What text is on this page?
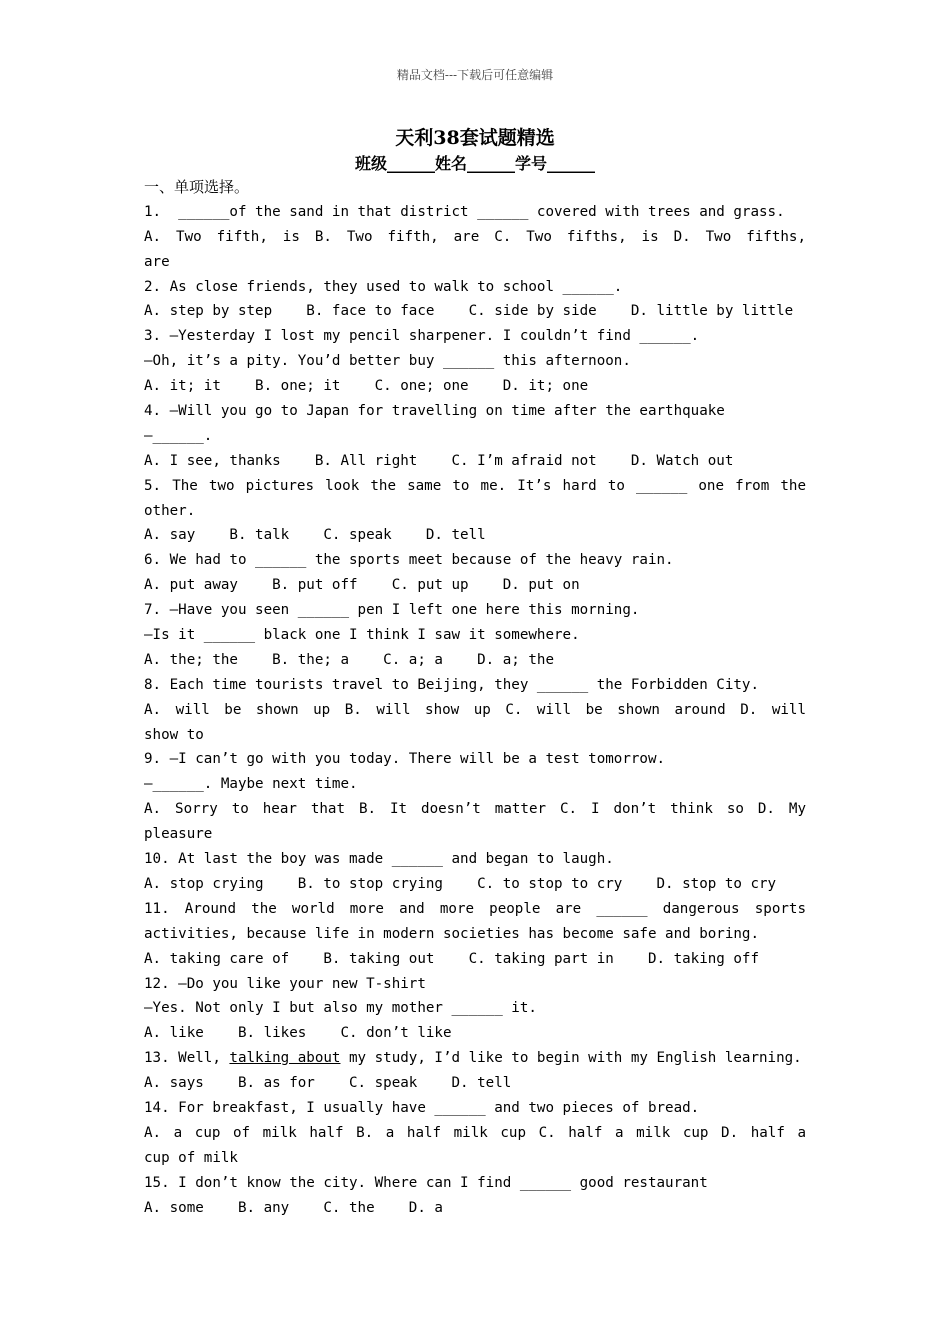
精品文档---下载后可任意编辑
天利38套试题精选
班级______姓名______学号______
一、单项选择。
1.  ______of the sand in that district ______ covered with trees and grass.
A. Two fifth, is B. Two fifth, are C. Two fifths, is D. Two fifths,
are
2. As close friends, they used to walk to school ______.
A. step by step    B. face to face    C. side by side    D. little by little
3. —Yesterday I lost my pencil sharpener. I couldn’t find ______.
—Oh, it’s a pity. You’d better buy ______ this afternoon.
A. it; it    B. one; it    C. one; one    D. it; one
4. —Will you go to Japan for travelling on time after the earthquake
—______.
A. I see, thanks    B. All right    C. I’m afraid not    D. Watch out
5. The two pictures look the same to me. It’s hard to ______ one from the
other.
A. say    B. talk    C. speak    D. tell
6. We had to ______ the sports meet because of the heavy rain.
A. put away    B. put off    C. put up    D. put on
7. —Have you seen ______ pen I left one here this morning.
—Is it ______ black one I think I saw it somewhere.
A. the; the    B. the; a    C. a; a    D. a; the
8. Each time tourists travel to Beijing, they ______ the Forbidden City.
A. will be shown up B. will show up C. will be shown around D. will
show to
9. —I can’t go with you today. There will be a test tomorrow.
—______. Maybe next time.
A. Sorry to hear that B. It doesn’t matter C. I don’t think so D. My
pleasure
10. At last the boy was made ______ and began to laugh.
A. stop crying    B. to stop crying    C. to stop to cry    D. stop to cry
11. Around the world more and more people are ______ dangerous sports
activities, because life in modern societies has become safe and boring.
A. taking care of    B. taking out    C. taking part in    D. taking off
12. —Do you like your new T-shirt
—Yes. Not only I but also my mother ______ it.
A. like    B. likes    C. don’t like
13. Well, talking about my study, I’d like to begin with my English learning.
A. says    B. as for    C. speak    D. tell
14. For breakfast, I usually have ______ and two pieces of bread.
A. a cup of milk half B. a half milk cup C. half a milk cup D. half a
cup of milk
15. I don’t know the city. Where can I find ______ good restaurant
A. some    B. any    C. the    D. a
